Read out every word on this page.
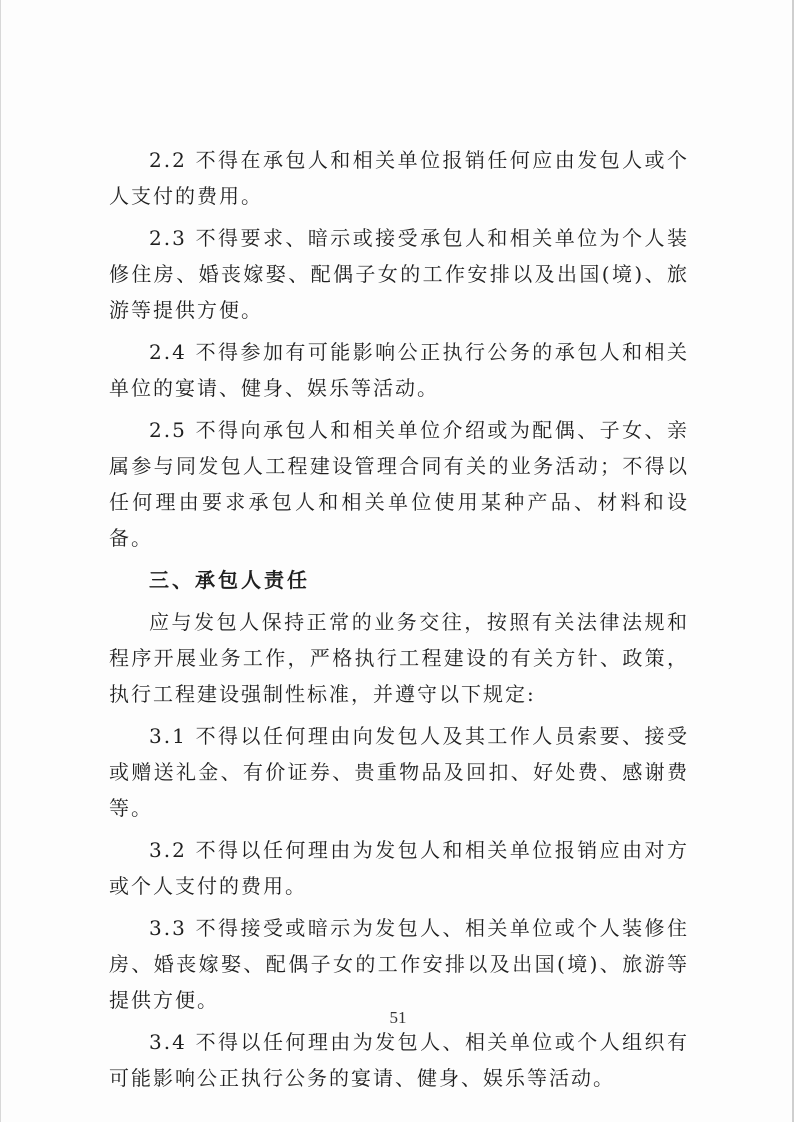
2.2 不得在承包人和相关单位报销任何应由发包人或个人支付的费用。

2.3 不得要求、暗示或接受承包人和相关单位为个人装修住房、婚丧嫁娶、配偶子女的工作安排以及出国(境)、旅游等提供方便。

2.4 不得参加有可能影响公正执行公务的承包人和相关单位的宴请、健身、娱乐等活动。

2.5 不得向承包人和相关单位介绍或为配偶、子女、亲属参与同发包人工程建设管理合同有关的业务活动；不得以任何理由要求承包人和相关单位使用某种产品、材料和设备。

三、承包人责任

应与发包人保持正常的业务交往，按照有关法律法规和程序开展业务工作，严格执行工程建设的有关方针、政策，执行工程建设强制性标准，并遵守以下规定:

3.1 不得以任何理由向发包人及其工作人员索要、接受或赠送礼金、有价证券、贵重物品及回扣、好处费、感谢费等。

3.2 不得以任何理由为发包人和相关单位报销应由对方或个人支付的费用。

3.3 不得接受或暗示为发包人、相关单位或个人装修住房、婚丧嫁娶、配偶子女的工作安排以及出国(境)、旅游等提供方便。

3.4 不得以任何理由为发包人、相关单位或个人组织有可能影响公正执行公务的宴请、健身、娱乐等活动。

51
